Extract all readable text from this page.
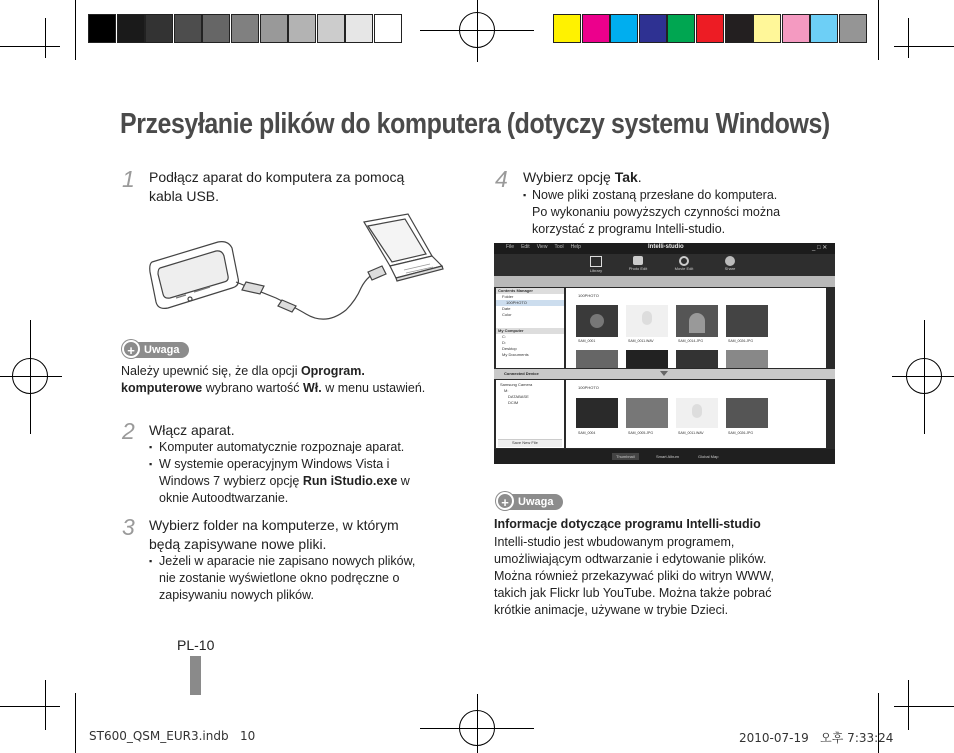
Przesyłanie plików do komputera (dotyczy systemu Windows)
1 Podłącz aparat do komputera za pomocą
kabla USB.
+ Uwaga
Należy upewnić się, że dla opcji Oprogram.
komputerowe wybrano wartość Wł. w menu ustawień.
2 Włącz aparat.
▪ Komputer automatycznie rozpoznaje aparat.
▪ W systemie operacyjnym Windows Vista i
Windows 7 wybierz opcję Run iStudio.exe w
oknie Autoodtwarzanie.
3 Wybierz folder na komputerze, w którym
będą zapisywane nowe pliki.
▪ Jeżeli w aparacie nie zapisano nowych plików,
nie zostanie wyświetlone okno podręczne o
zapisywaniu nowych plików.
4 Wybierz opcję Tak.
▪ Nowe pliki zostaną przesłane do komputera.
Po wykonaniu powyższych czynności można
korzystać z programu Intelli-studio.
File Edit View Tool Help	Intelli-studio	_ □ ✕
Library	Photo Edit	Movie Edit	Share
Contents Manager
Folder
100PHOTO
Date
Color
My Computer
C:
D:
Desktop
My Documents
100PHOTO
SAM_0001	SAM_0011.WAV	SAM_0014.JPG	SAM_0026.JPG
Connected Device
Samsung Camera
M:
DATABASE
DCIM
Save New File
100PHOTO
SAM_0004	SAM_0005.JPG	SAM_0011.WAV	SAM_0026.JPG
Thumbnail	Smart Album	Global Map
+ Uwaga
Informacje dotyczące programu Intelli-studio
Intelli-studio jest wbudowanym programem,
umożliwiającym odtwarzanie i edytowanie plików.
Można również przekazywać pliki do witryn WWW,
takich jak Flickr lub YouTube. Można także pobrać
krótkie animacje, używane w trybie Dzieci.
PL-10
ST600_QSM_EUR3.indb   10	2010-07-19   오후 7:33:24
